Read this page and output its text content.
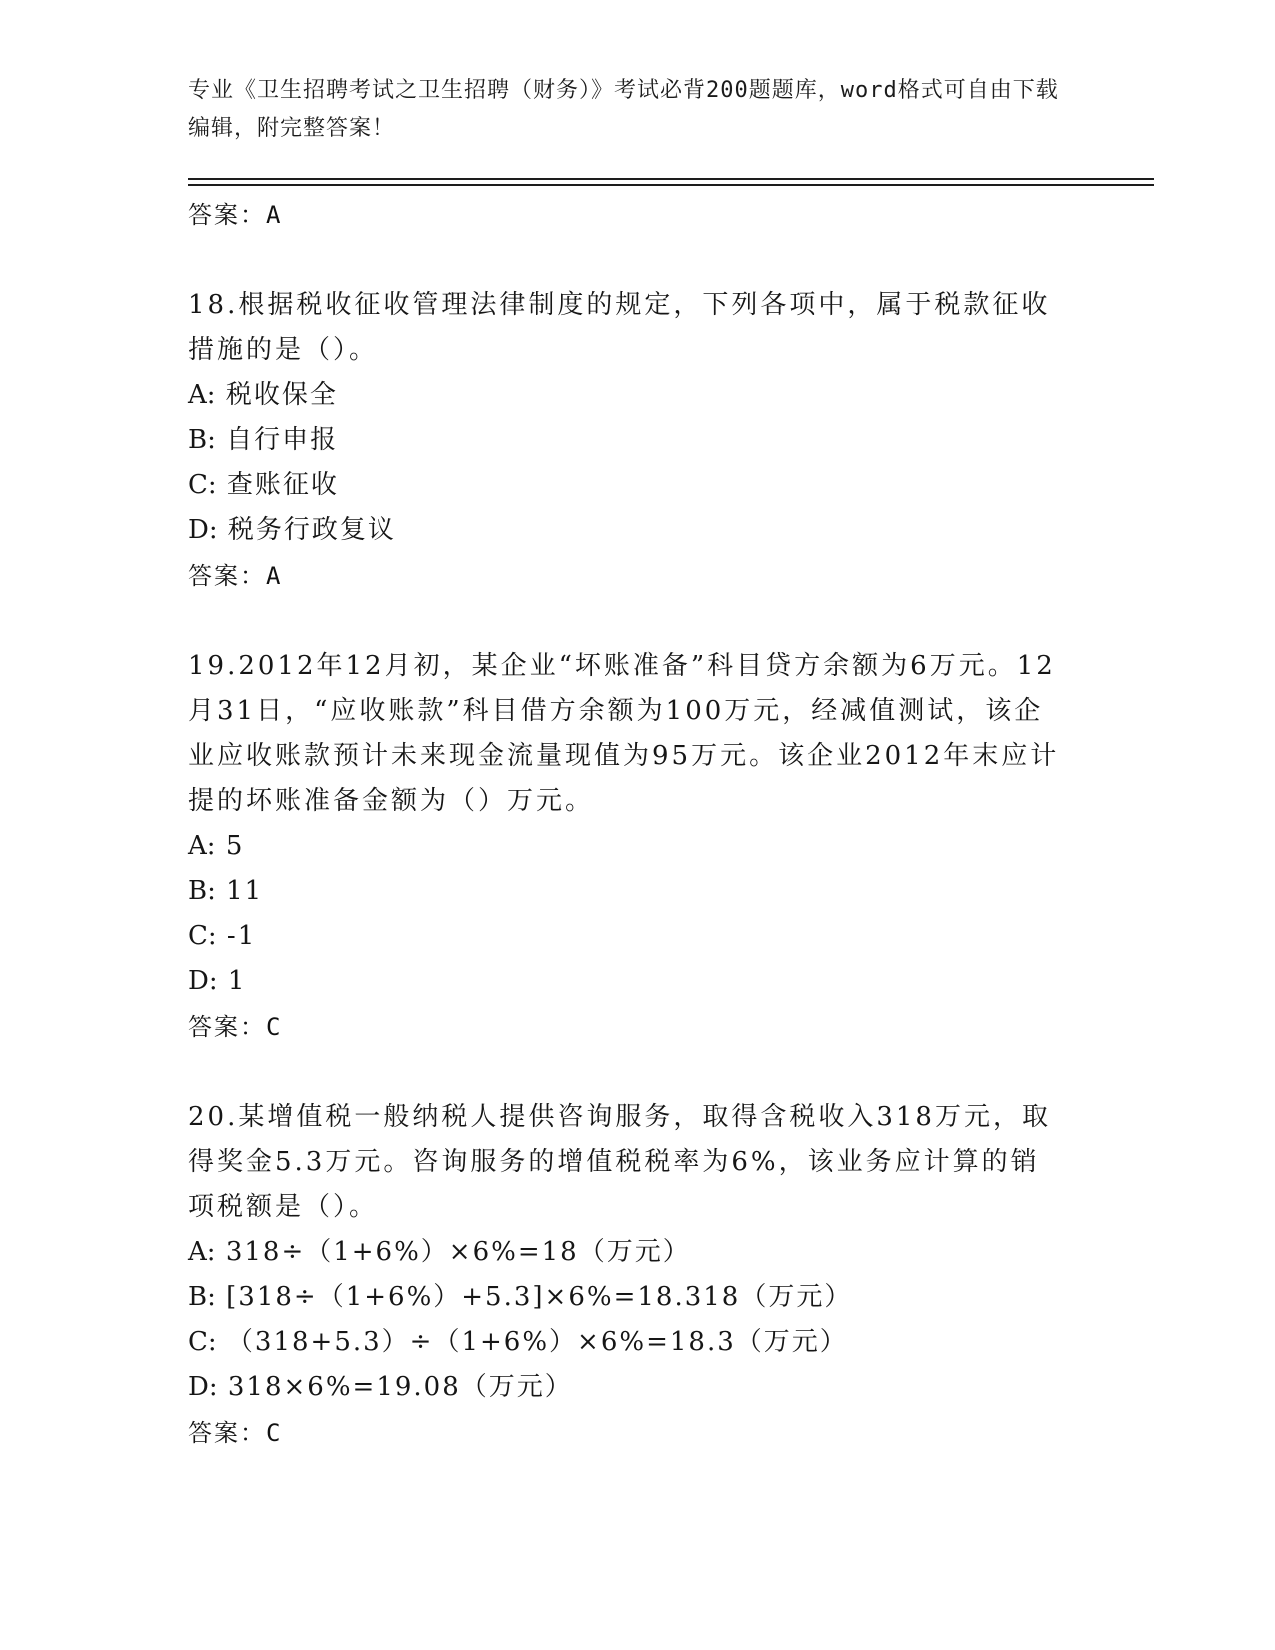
专业《卫生招聘考试之卫生招聘（财务）》考试必背200题题库，word格式可自由下载编辑，附完整答案！
答案：A
18.根据税收征收管理法律制度的规定，下列各项中，属于税款征收措施的是（）。
A: 税收保全
B: 自行申报
C: 查账征收
D: 税务行政复议
答案：A
19.2012年12月初，某企业“坏账准备”科目贷方余额为6万元。12月31日，“应收账款”科目借方余额为100万元，经减值测试，该企业应收账款预计未来现金流量现值为95万元。该企业2012年末应计提的坏账准备金额为（）万元。
A: 5
B: 11
C: -1
D: 1
答案：C
20.某增值税一般纳税人提供咨询服务，取得含税收入318万元，取得奖金5.3万元。咨询服务的增值税税率为6%，该业务应计算的销项税额是（）。
A: 318÷（1+6%）×6%=18（万元）
B: [318÷（1+6%）+5.3]×6%=18.318（万元）
C: （318+5.3）÷（1+6%）×6%=18.3（万元）
D: 318×6%=19.08（万元）
答案：C
